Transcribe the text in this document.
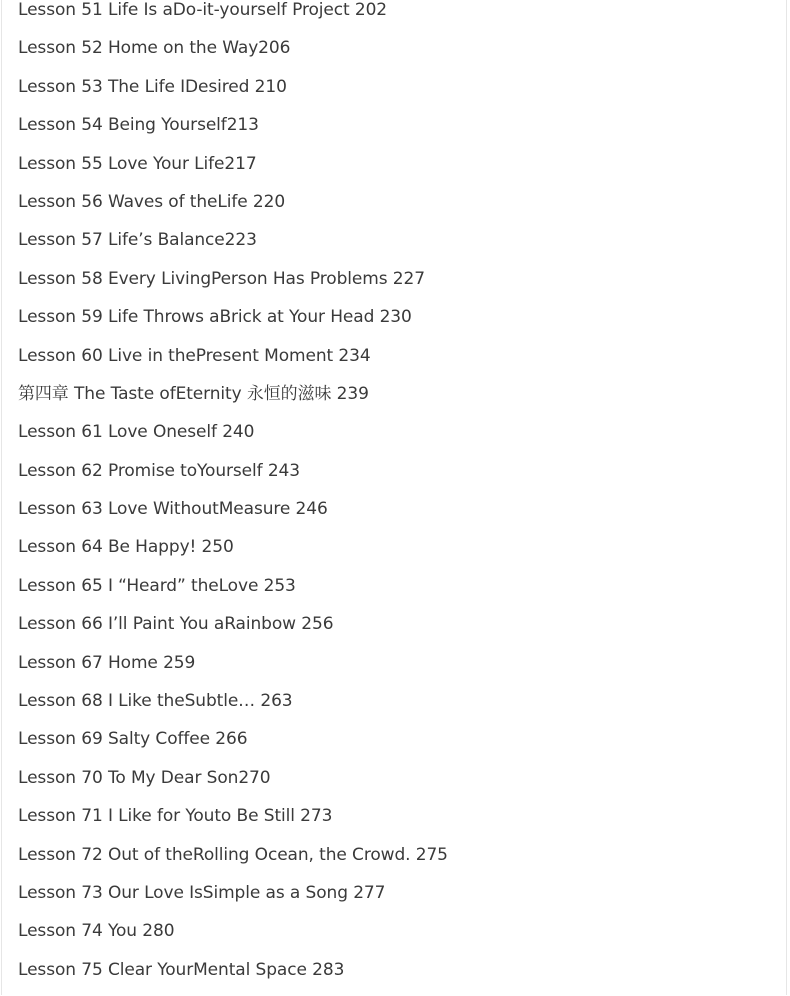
Lesson 51 Life Is aDo-it-yourself Project 202
Lesson 52 Home on the Way206
Lesson 53 The Life IDesired 210
Lesson 54 Being Yourself213
Lesson 55 Love Your Life217
Lesson 56 Waves of theLife 220
Lesson 57 Life’s Balance223
Lesson 58 Every LivingPerson Has Problems 227
Lesson 59 Life Throws aBrick at Your Head 230
Lesson 60 Live in thePresent Moment 234
第四章 The Taste ofEternity 永恒的滋味 239
Lesson 61 Love Oneself 240
Lesson 62 Promise toYourself 243
Lesson 63 Love WithoutMeasure 246
Lesson 64 Be Happy! 250
Lesson 65 I “Heard” theLove 253
Lesson 66 I’ll Paint You aRainbow 256
Lesson 67 Home 259
Lesson 68 I Like theSubtle… 263
Lesson 69 Salty Coffee 266
Lesson 70 To My Dear Son270
Lesson 71 I Like for Youto Be Still 273
Lesson 72 Out of theRolling Ocean, the Crowd. 275
Lesson 73 Our Love IsSimple as a Song 277
Lesson 74 You 280
Lesson 75 Clear YourMental Space 283
